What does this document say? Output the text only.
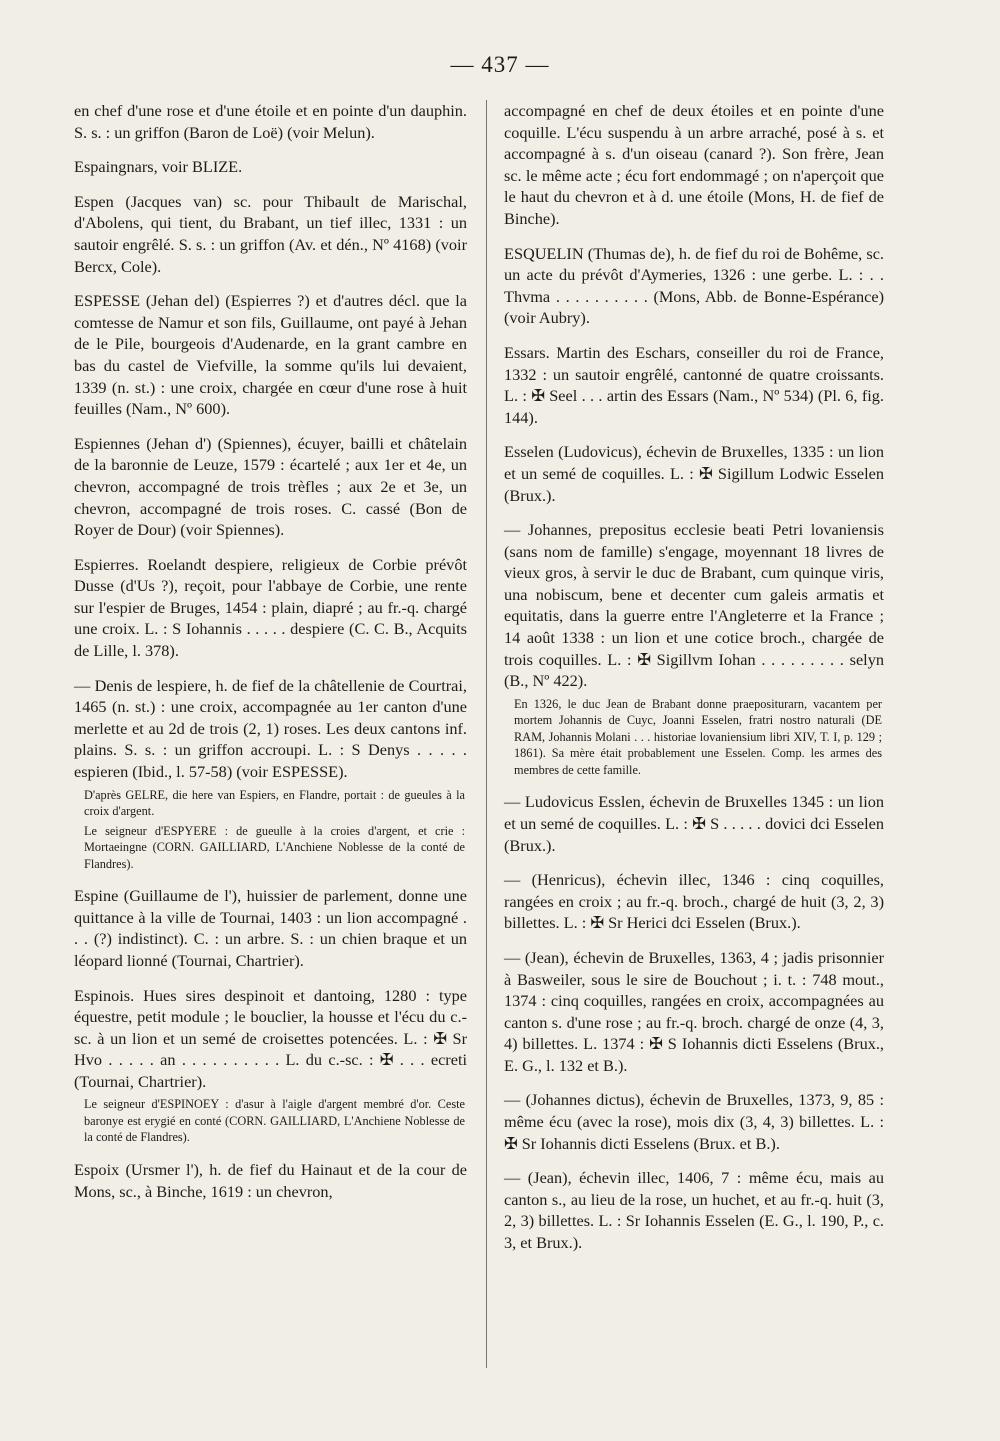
— 437 —

en chef d'une rose et d'une étoile et en pointe d'un dauphin. S. s. : un griffon (Baron de Loë) (voir Melun).

Espaingnars, voir BLIZE.

Espen (Jacques van) sc. pour Thibault de Marischal, d'Abolens, qui tient, du Brabant, un tief illec, 1331 : un sautoir engrêlé. S. s. : un griffon (Av. et dén., Nº 4168) (voir Bercx, Cole).

ESPESSE (Jehan del) (Espierres ?) et d'autres décl. que la comtesse de Namur et son fils, Guillaume, ont payé à Jehan de le Pile, bourgeois d'Audenarde, en la grant cambre en bas du castel de Viefville, la somme qu'ils lui devaient, 1339 (n. st.) : une croix, chargée en cœur d'une rose à huit feuilles (Nam., Nº 600).

Espiennes (Jehan d') (Spiennes), écuyer, bailli et châtelain de la baronnie de Leuze, 1579 : écartelé ; aux 1er et 4e, un chevron, accompagné de trois trèfles ; aux 2e et 3e, un chevron, accompagné de trois roses. C. cassé (Bon de Royer de Dour) (voir Spiennes).

Espierres. Roelandt despiere, religieux de Corbie prévôt Dusse (d'Us ?), reçoit, pour l'abbaye de Corbie, une rente sur l'espier de Bruges, 1454 : plain, diapré ; au fr.-q. chargé une croix. L. : S Iohannis . . . . . despiere (C. C. B., Acquits de Lille, l. 378).

— Denis de lespiere, h. de fief de la châtellenie de Courtrai, 1465 (n. st.) : une croix, accompagnée au 1er canton d'une merlette et au 2d de trois (2, 1) roses. Les deux cantons inf. plains. S. s. : un griffon accroupi. L. : S Denys . . . . . espieren (Ibid., l. 57-58) (voir ESPESSE).

D'après GELRE, die here van Espiers, en Flandre, portait : de gueules à la croix d'argent.

Le seigneur d'ESPYERE : de gueulle à la croies d'argent, et crie : Mortaeingne (CORN. GAILLIARD, L'Anchiene Noblesse de la conté de Flandres).

Espine (Guillaume de l'), huissier de parlement, donne une quittance à la ville de Tournai, 1403 : un lion accompagné . . . (?) indistinct). C. : un arbre. S. : un chien braque et un léopard lionné (Tournai, Chartrier).

Espinois. Hues sires despinoit et dantoing, 1280 : type équestre, petit module ; le bouclier, la housse et l'écu du c.-sc. à un lion et un semé de croisettes potencées. L. : ✠ Sr Hvo . . . . . an . . . . . . . . . . L. du c.-sc. : ✠ . . . ecreti (Tournai, Chartrier).

Le seigneur d'ESPINOEY : d'asur à l'aigle d'argent membré d'or. Ceste baronye est erygié en conté (CORN. GAILLIARD, L'Anchiene Noblesse de la conté de Flandres).

Espoix (Ursmer l'), h. de fief du Hainaut et de la cour de Mons, sc., à Binche, 1619 : un chevron,

accompagné en chef de deux étoiles et en pointe d'une coquille. L'écu suspendu à un arbre arraché, posé à s. et accompagné à s. d'un oiseau (canard ?). Son frère, Jean sc. le même acte ; écu fort endommagé ; on n'aperçoit que le haut du chevron et à d. une étoile (Mons, H. de fief de Binche).

ESQUELIN (Thumas de), h. de fief du roi de Bohême, sc. un acte du prévôt d'Aymeries, 1326 : une gerbe. L. : . . Thvma . . . . . . . . . . (Mons, Abb. de Bonne-Espérance) (voir Aubry).

Essars. Martin des Eschars, conseiller du roi de France, 1332 : un sautoir engrêlé, cantonné de quatre croissants. L. : ✠ Seel . . . artin des Essars (Nam., Nº 534) (Pl. 6, fig. 144).

Esselen (Ludovicus), échevin de Bruxelles, 1335 : un lion et un semé de coquilles. L. : ✠ Sigillum Lodwic Esselen (Brux.).

— Johannes, prepositus ecclesie beati Petri lovaniensis (sans nom de famille) s'engage, moyennant 18 livres de vieux gros, à servir le duc de Brabant, cum quinque viris, una nobiscum, bene et decenter cum galeis armatis et equitatis, dans la guerre entre l'Angleterre et la France ; 14 août 1338 : un lion et une cotice broch., chargée de trois coquilles. L. : ✠ Sigillvm Iohan . . . . . . . . . selyn (B., Nº 422).

En 1326, le duc Jean de Brabant donne praepositurarn, vacantem per mortem Johannis de Cuyc, Joanni Esselen, fratri nostro naturali (DE RAM, Johannis Molani . . . historiae lovaniensium libri XIV, T. I, p. 129 ; 1861). Sa mère était probablement une Esselen. Comp. les armes des membres de cette famille.

— Ludovicus Esslen, échevin de Bruxelles 1345 : un lion et un semé de coquilles. L. : ✠ S . . . . . dovici dci Esselen (Brux.).

— (Henricus), échevin illec, 1346 : cinq coquilles, rangées en croix ; au fr.-q. broch., chargé de huit (3, 2, 3) billettes. L. : ✠ Sr Herici dci Esselen (Brux.).

— (Jean), échevin de Bruxelles, 1363, 4 ; jadis prisonnier à Basweiler, sous le sire de Bouchout ; i. t. : 748 mout., 1374 : cinq coquilles, rangées en croix, accompagnées au canton s. d'une rose ; au fr.-q. broch. chargé de onze (4, 3, 4) billettes. L. 1374 : ✠ S Iohannis dicti Esselens (Brux., E. G., l. 132 et B.).

— (Johannes dictus), échevin de Bruxelles, 1373, 9, 85 : même écu (avec la rose), mois dix (3, 4, 3) billettes. L. : ✠ Sr Iohannis dicti Esselens (Brux. et B.).

— (Jean), échevin illec, 1406, 7 : même écu, mais au canton s., au lieu de la rose, un huchet, et au fr.-q. huit (3, 2, 3) billettes. L. : Sr Iohannis Esselen (E. G., l. 190, P., c. 3, et Brux.).
